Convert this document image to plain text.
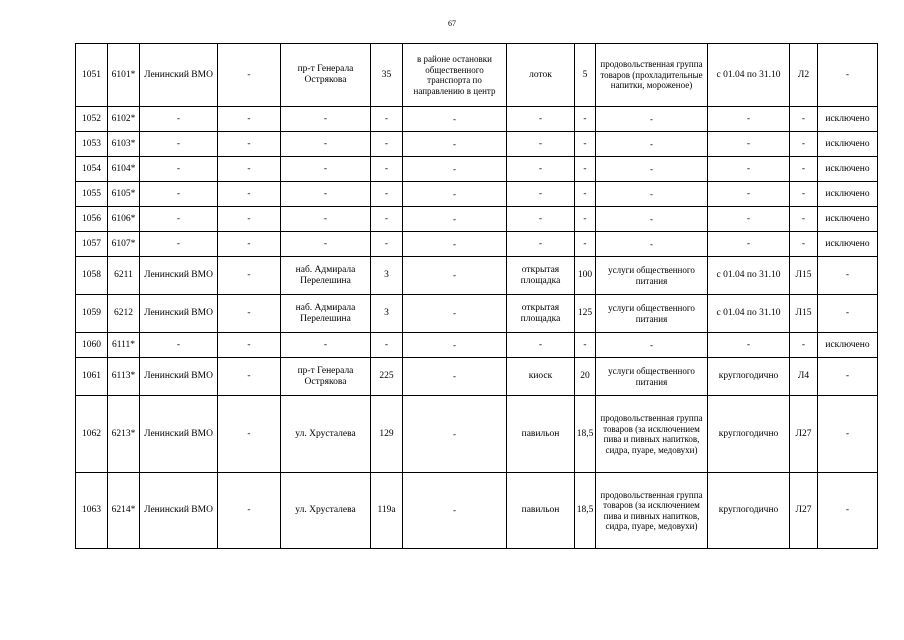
67
1051	6101*	Ленинский ВМО	-	пр-т Генерала Острякова	35	в районе остановки общественного транспорта по направлению в центр	лоток	5	продовольственная группа товаров (прохладительные напитки, мороженое)	с 01.04 по 31.10	Л2	-
1052	6102*	-	-	-	-	-	-	-	-	-	-	исключено
1053	6103*	-	-	-	-	-	-	-	-	-	-	исключено
1054	6104*	-	-	-	-	-	-	-	-	-	-	исключено
1055	6105*	-	-	-	-	-	-	-	-	-	-	исключено
1056	6106*	-	-	-	-	-	-	-	-	-	-	исключено
1057	6107*	-	-	-	-	-	-	-	-	-	-	исключено
1058	6211	Ленинский ВМО	-	наб. Адмирала Перелешина	3	-	открытая площадка	100	услуги общественного питания	с 01.04 по 31.10	Л15	-
1059	6212	Ленинский ВМО	-	наб. Адмирала Перелешина	3	-	открытая площадка	125	услуги общественного питания	с 01.04 по 31.10	Л15	-
1060	6111*	-	-	-	-	-	-	-	-	-	-	исключено
1061	6113*	Ленинский ВМО	-	пр-т Генерала Острякова	225	-	киоск	20	услуги общественного питания	круглогодично	Л4	-
1062	6213*	Ленинский ВМО	-	ул. Хрусталева	129	-	павильон	18,5	продовольственная группа товаров (за исключением пива и пивных напитков, сидра, пуаре, медовухи)	круглогодично	Л27	-
1063	6214*	Ленинский ВМО	-	ул. Хрусталева	119а	-	павильон	18,5	продовольственная группа товаров (за исключением пива и пивных напитков, сидра, пуаре, медовухи)	круглогодично	Л27	-
